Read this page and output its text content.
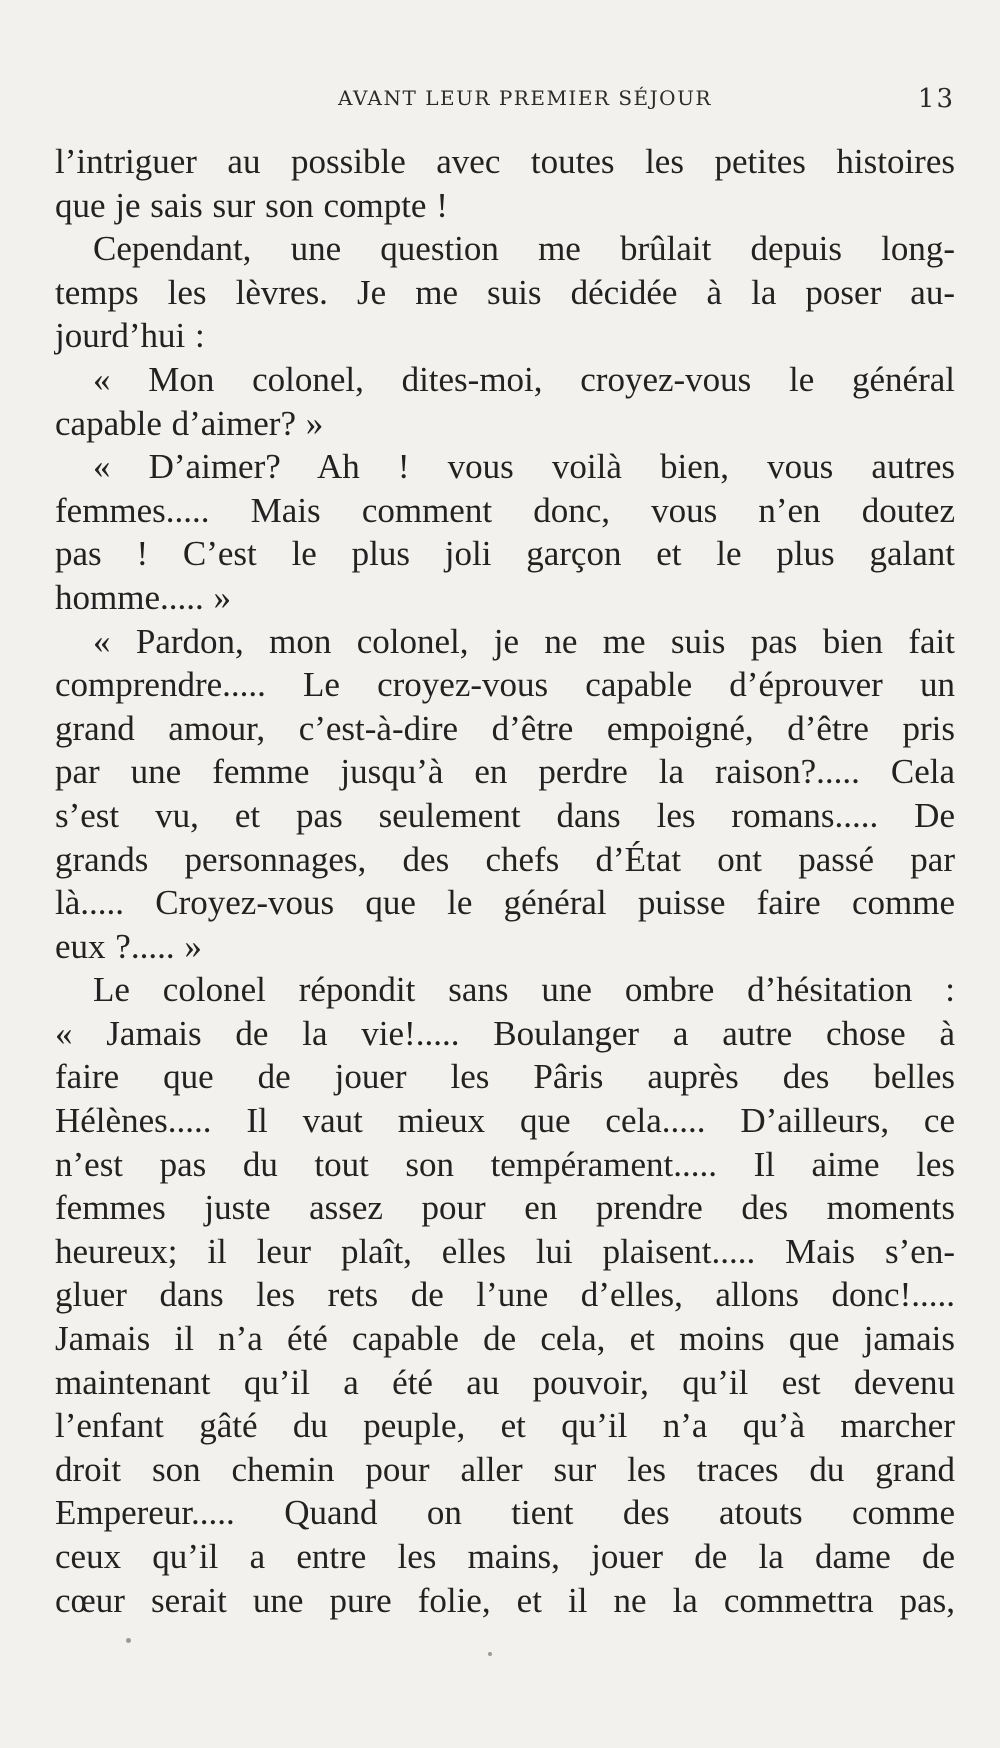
AVANT LEUR PREMIER SÉJOUR	13
l’intriguer au possible avec toutes les petites histoires
que je sais sur son compte !
Cependant, une question me brûlait depuis long-
temps les lèvres. Je me suis décidée à la poser au-
jourd’hui :
« Mon colonel, dites-moi, croyez-vous le général
capable d’aimer? »
« D’aimer? Ah ! vous voilà bien, vous autres
femmes..... Mais comment donc, vous n’en doutez
pas ! C’est le plus joli garçon et le plus galant
homme..... »
« Pardon, mon colonel, je ne me suis pas bien fait
comprendre..... Le croyez-vous capable d’éprouver un
grand amour, c’est-à-dire d’être empoigné, d’être pris
par une femme jusqu’à en perdre la raison?..... Cela
s’est vu, et pas seulement dans les romans..... De
grands personnages, des chefs d’État ont passé par
là..... Croyez-vous que le général puisse faire comme
eux ?..... »
Le colonel répondit sans une ombre d’hésitation :
« Jamais de la vie!..... Boulanger a autre chose à
faire que de jouer les Pâris auprès des belles
Hélènes..... Il vaut mieux que cela..... D’ailleurs, ce
n’est pas du tout son tempérament..... Il aime les
femmes juste assez pour en prendre des moments
heureux; il leur plaît, elles lui plaisent..... Mais s’en-
gluer dans les rets de l’une d’elles, allons donc!.....
Jamais il n’a été capable de cela, et moins que jamais
maintenant qu’il a été au pouvoir, qu’il est devenu
l’enfant gâté du peuple, et qu’il n’a qu’à marcher
droit son chemin pour aller sur les traces du grand
Empereur..... Quand on tient des atouts comme
ceux qu’il a entre les mains, jouer de la dame de
cœur serait une pure folie, et il ne la commettra pas,
